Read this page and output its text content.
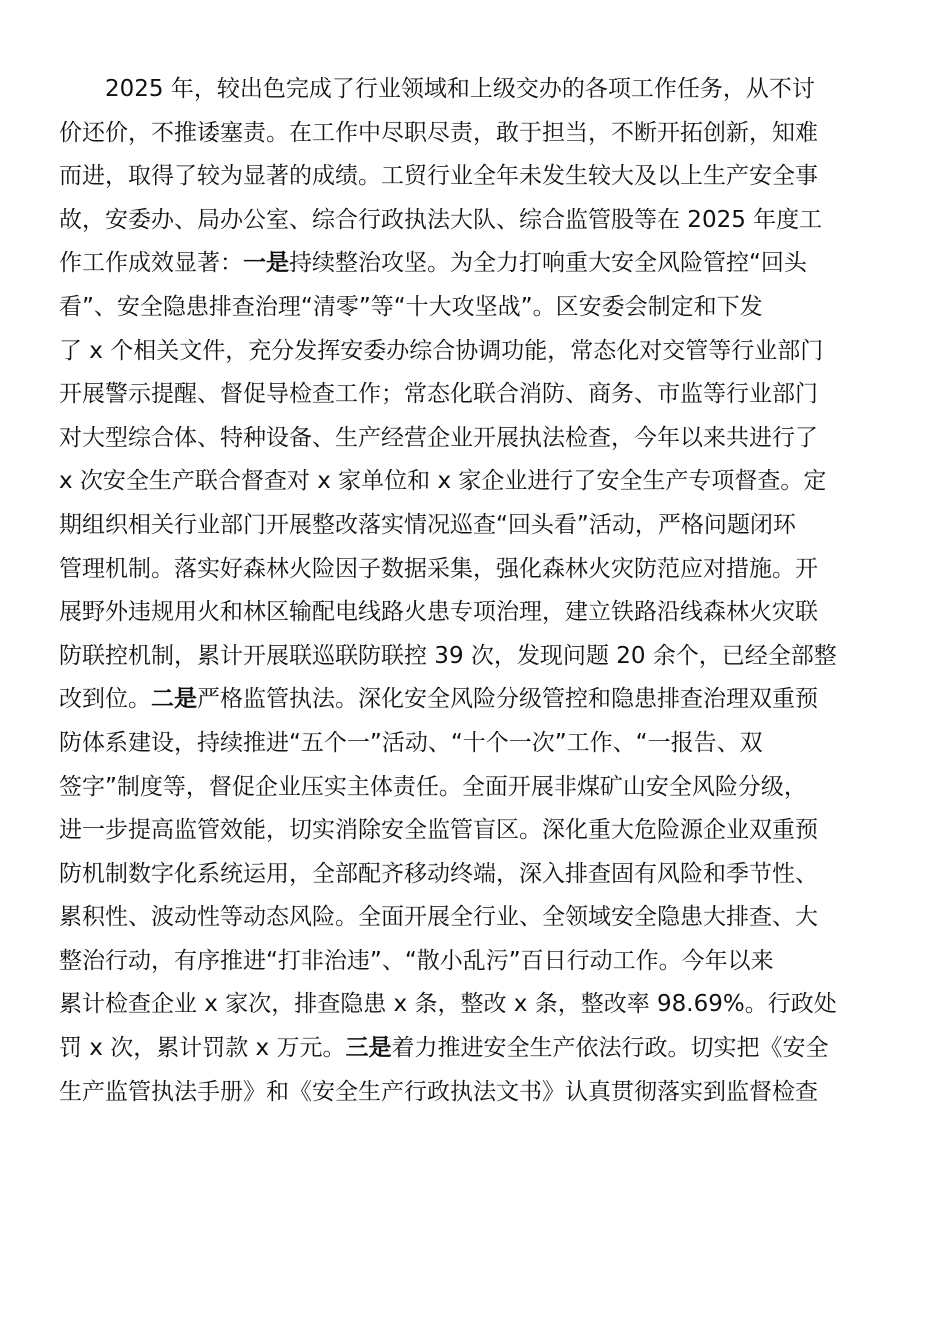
2025 年，较出色完成了行业领域和上级交办的各项工作任务，从不讨
价还价，不推诿塞责。在工作中尽职尽责，敢于担当，不断开拓创新，知难
而进，取得了较为显著的成绩。工贸行业全年未发生较大及以上生产安全事
故，安委办、局办公室、综合行政执法大队、综合监管股等在 2025 年度工
作工作成效显著：一是持续整治攻坚。为全力打响重大安全风险管控“回头
看”、安全隐患排查治理“清零”等“十大攻坚战”。区安委会制定和下发
了 x 个相关文件，充分发挥安委办综合协调功能，常态化对交管等行业部门
开展警示提醒、督促导检查工作；常态化联合消防、商务、市监等行业部门
对大型综合体、特种设备、生产经营企业开展执法检查，今年以来共进行了
x 次安全生产联合督查对 x 家单位和 x 家企业进行了安全生产专项督查。定
期组织相关行业部门开展整改落实情况巡查“回头看”活动，严格问题闭环
管理机制。落实好森林火险因子数据采集，强化森林火灾防范应对措施。开
展野外违规用火和林区输配电线路火患专项治理，建立铁路沿线森林火灾联
防联控机制，累计开展联巡联防联控 39 次，发现问题 20 余个，已经全部整
改到位。二是严格监管执法。深化安全风险分级管控和隐患排查治理双重预
防体系建设，持续推进“五个一”活动、“十个一次”工作、“一报告、双
签字”制度等，督促企业压实主体责任。全面开展非煤矿山安全风险分级，
进一步提高监管效能，切实消除安全监管盲区。深化重大危险源企业双重预
防机制数字化系统运用，全部配齐移动终端，深入排查固有风险和季节性、
累积性、波动性等动态风险。全面开展全行业、全领域安全隐患大排查、大
整治行动，有序推进“打非治违”、“散小乱污”百日行动工作。今年以来
累计检查企业 x 家次，排查隐患 x 条，整改 x 条，整改率 98.69%。行政处
罚 x 次，累计罚款 x 万元。三是着力推进安全生产依法行政。切实把《安全
生产监管执法手册》和《安全生产行政执法文书》认真贯彻落实到监督检查
